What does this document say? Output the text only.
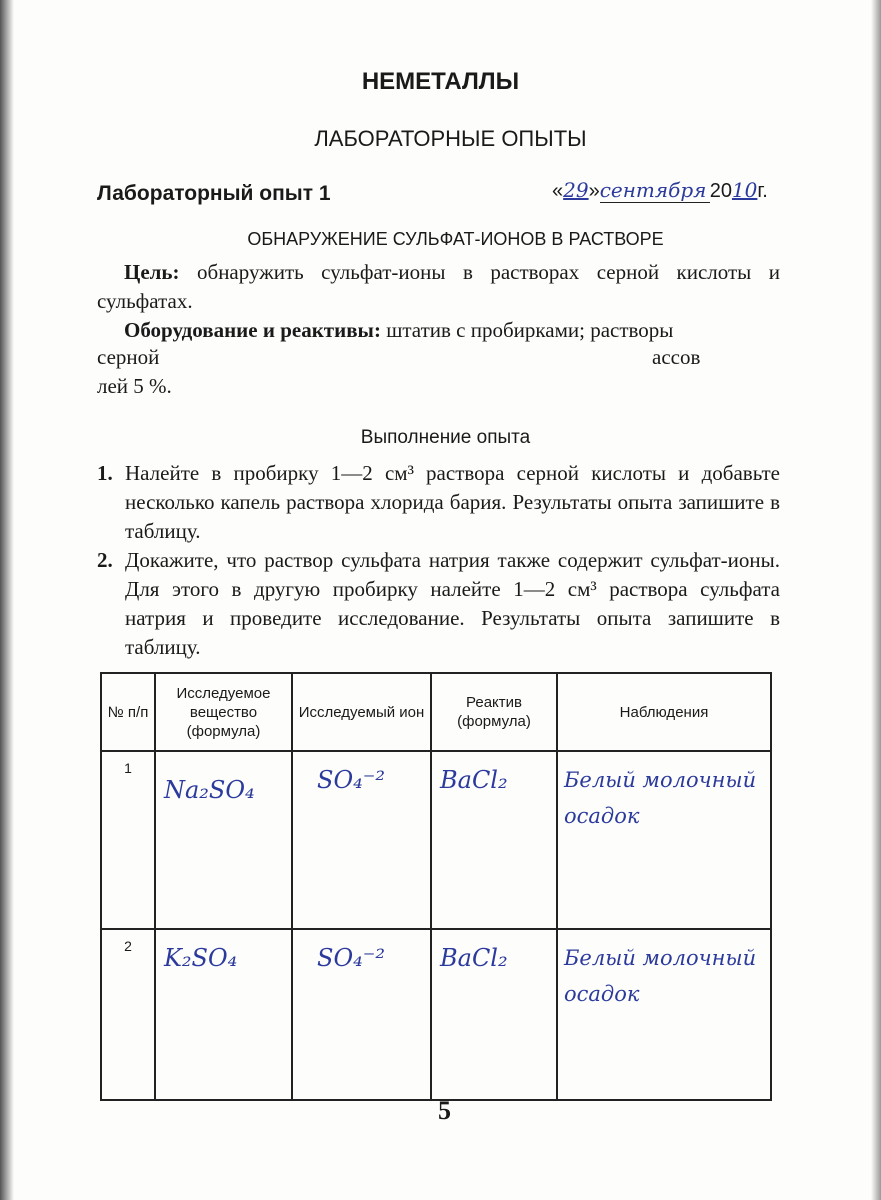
НЕМЕТАЛЛЫ
ЛАБОРАТОРНЫЕ ОПЫТЫ
Лабораторный опыт 1	«29»сентября 2010г.
ОБНАРУЖЕНИЕ СУЛЬФАТ-ИОНОВ В РАСТВОРЕ

Цель: обнаружить сульфат-ионы в растворах серной кислоты и сульфатах.

Оборудование и реактивы: штатив с пробирками; растворы

серной	ассов
лей 5 %.
Выполнение опыта
1. Налейте в пробирку 1—2 см³ раствора серной кислоты и добавьте несколько капель раствора хлорида бария. Результаты опыта запишите в таблицу.
2. Докажите, что раствор сульфата натрия также содержит сульфат-ионы. Для этого в другую пробирку налейте 1—2 см³ раствора сульфата натрия и проведите исследование. Результаты опыта запишите в таблицу.
№ п/п	Исследуемое вещество (формула)	Исследуемый ион	Реактив (формула)	Наблюдения
1	Na₂SO₄	SO₄⁻²	BaCl₂	Белый молочный осадок
2	K₂SO₄	SO₄⁻²	BaCl₂	Белый молочный осадок
5
